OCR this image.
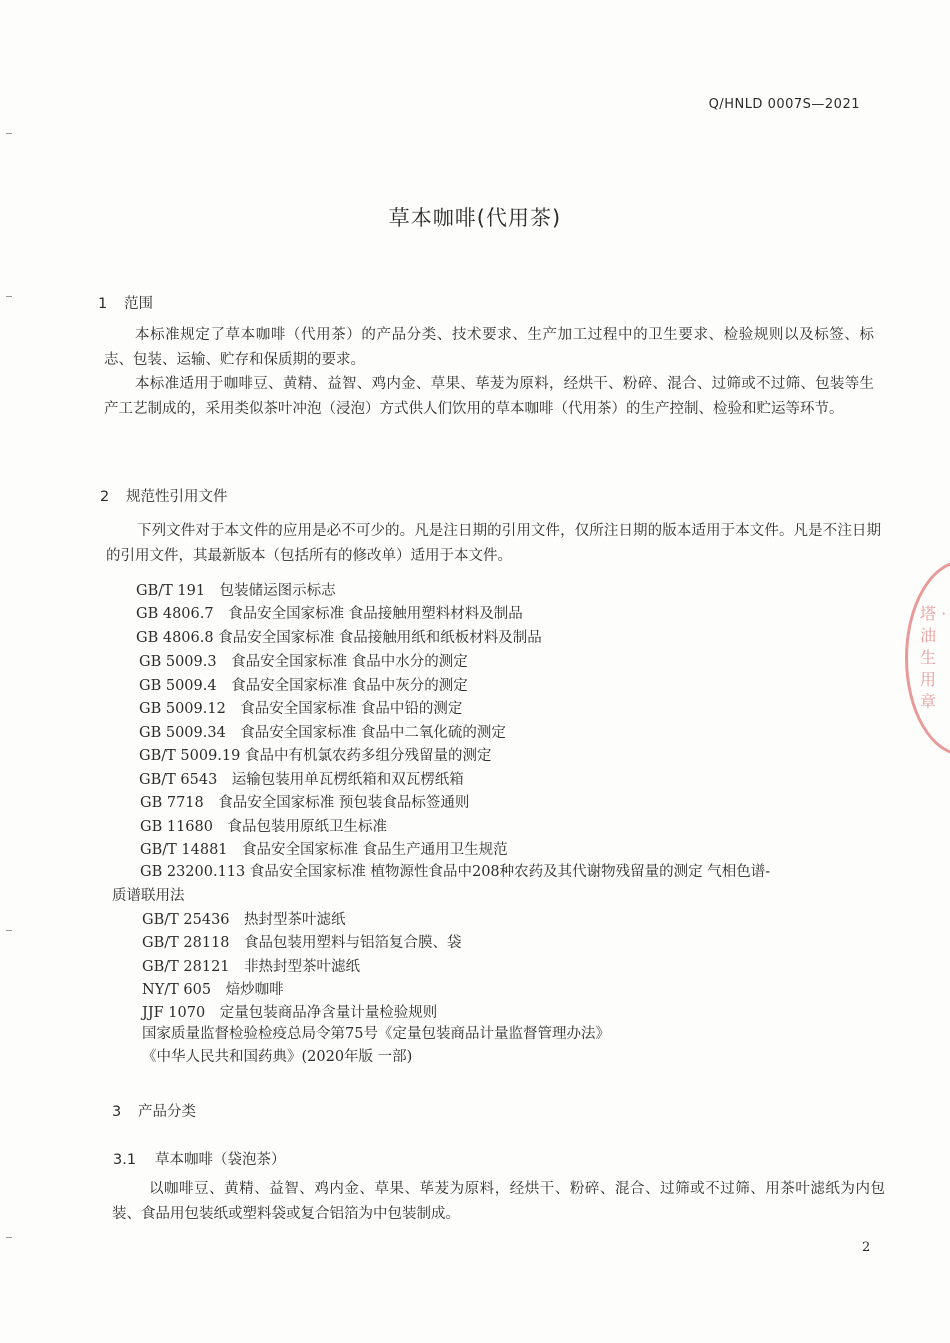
Q/HNLD 0007S—2021
草本咖啡(代用茶)
1 范围

本标准规定了草本咖啡（代用茶）的产品分类、技术要求、生产加工过程中的卫生要求、检验规则以及标签、标志、包装、运输、贮存和保质期的要求。

本标准适用于咖啡豆、黄精、益智、鸡内金、草果、荜茇为原料，经烘干、粉碎、混合、过筛或不过筛、包装等生产工艺制成的，采用类似茶叶冲泡（浸泡）方式供人们饮用的草本咖啡（代用茶）的生产控制、检验和贮运等环节。

2 规范性引用文件

下列文件对于本文件的应用是必不可少的。凡是注日期的引用文件，仅所注日期的版本适用于本文件。凡是不注日期的引用文件，其最新版本（包括所有的修改单）适用于本文件。

GB/T 191　包装储运图示标志
GB 4806.7　食品安全国家标准 食品接触用塑料材料及制品
GB 4806.8 食品安全国家标准 食品接触用纸和纸板材料及制品
GB 5009.3　食品安全国家标准 食品中水分的测定
GB 5009.4　食品安全国家标准 食品中灰分的测定
GB 5009.12　食品安全国家标准 食品中铅的测定
GB 5009.34　食品安全国家标准 食品中二氧化硫的测定
GB/T 5009.19 食品中有机氯农药多组分残留量的测定
GB/T 6543　运输包装用单瓦楞纸箱和双瓦楞纸箱
GB 7718　食品安全国家标准 预包装食品标签通则
GB 11680　食品包装用原纸卫生标准
GB/T 14881　食品安全国家标准 食品生产通用卫生规范
GB 23200.113 食品安全国家标准 植物源性食品中208种农药及其代谢物残留量的测定 气相色谱-
质谱联用法
GB/T 25436　热封型茶叶滤纸
GB/T 28118　食品包装用塑料与铝箔复合膜、袋
GB/T 28121　非热封型茶叶滤纸
NY/T 605　焙炒咖啡
JJF 1070　定量包装商品净含量计量检验规则
国家质量监督检验检疫总局令第75号《定量包装商品计量监督管理办法》
《中华人民共和国药典》(2020年版 一部)
3 产品分类
3.1 草本咖啡（袋泡茶）

以咖啡豆、黄精、益智、鸡内金、草果、荜茇为原料，经烘干、粉碎、混合、过筛或不过筛、用茶叶滤纸为内包装、食品用包装纸或塑料袋或复合铝箔为中包装制成。

2
塔 ·油生用章
